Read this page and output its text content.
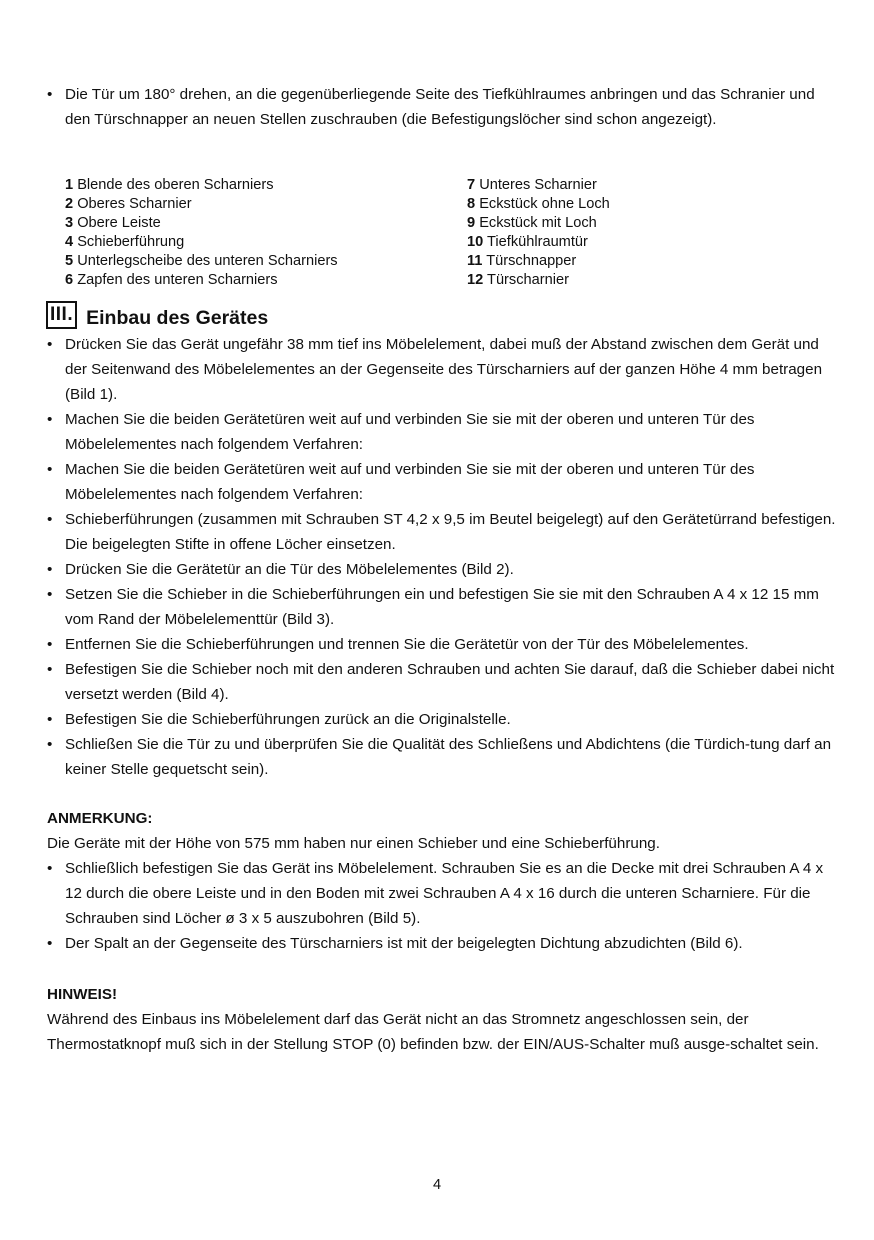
• Die Tür um 180° drehen, an die gegenüberliegende Seite des Tiefkühlraumes anbringen und das Schranier und den Türschnapper an neuen Stellen zuschrauben (die Befestigungslöcher sind schon angezeigt).
1 Blende des oberen Scharniers
2 Oberes Scharnier
3 Obere Leiste
4 Schieberführung
5 Unterlegscheibe des unteren Scharniers
6 Zapfen des unteren Scharniers
7 Unteres Scharnier
8 Eckstück ohne Loch
9 Eckstück mit Loch
10 Tiefkühlraumtür
11 Türschnapper
12 Türscharnier
III. Einbau des Gerätes
• Drücken Sie das Gerät ungefähr 38 mm tief ins Möbelelement, dabei muß der Abstand zwischen dem Gerät und der Seitenwand des Möbelelementes an der Gegenseite des Türscharniers auf der ganzen Höhe 4 mm betragen (Bild 1).
• Machen Sie die beiden Gerätetüren weit auf und verbinden Sie sie mit der oberen und unteren Tür des Möbelelementes nach folgendem Verfahren:
• Machen Sie die beiden Gerätetüren weit auf und verbinden Sie sie mit der oberen und unteren Tür des Möbelelementes nach folgendem Verfahren:
• Schieberführungen (zusammen mit Schrauben ST 4,2 x 9,5 im Beutel beigelegt) auf den Gerätetürrand befestigen. Die beigelegten Stifte in offene Löcher einsetzen.
• Drücken Sie die Gerätetür an die Tür des Möbelelementes (Bild 2).
• Setzen Sie die Schieber in die Schieberführungen ein und befestigen Sie sie mit den Schrauben A 4 x 12 15 mm vom Rand der Möbelelementtür (Bild 3).
• Entfernen Sie die Schieberführungen und trennen Sie die Gerätetür von der Tür des Möbelelementes.
• Befestigen Sie die Schieber noch mit den anderen Schrauben und achten Sie darauf, daß die Schieber dabei nicht versetzt werden (Bild 4).
• Befestigen Sie die Schieberführungen zurück an die Originalstelle.
• Schließen Sie die Tür zu und überprüfen Sie die Qualität des Schließens und Abdichtens (die Türdich-tung darf an keiner Stelle gequetscht sein).
ANMERKUNG:
Die Geräte mit der Höhe von 575 mm haben nur einen Schieber und eine Schieberführung.
• Schließlich befestigen Sie das Gerät ins Möbelelement. Schrauben Sie es an die Decke mit drei Schrauben A 4 x 12 durch die obere Leiste und in den Boden mit zwei Schrauben A 4 x 16 durch die unteren Scharniere. Für die Schrauben sind Löcher ø 3 x 5 auszubohren (Bild 5).
• Der Spalt an der Gegenseite des Türscharniers ist mit der beigelegten Dichtung abzudichten (Bild 6).
HINWEIS!
Während des Einbaus ins Möbelelement darf das Gerät nicht an das Stromnetz angeschlossen sein, der Thermostatknopf muß sich in der Stellung STOP (0) befinden bzw. der EIN/AUS-Schalter muß ausge-schaltet sein.
4
